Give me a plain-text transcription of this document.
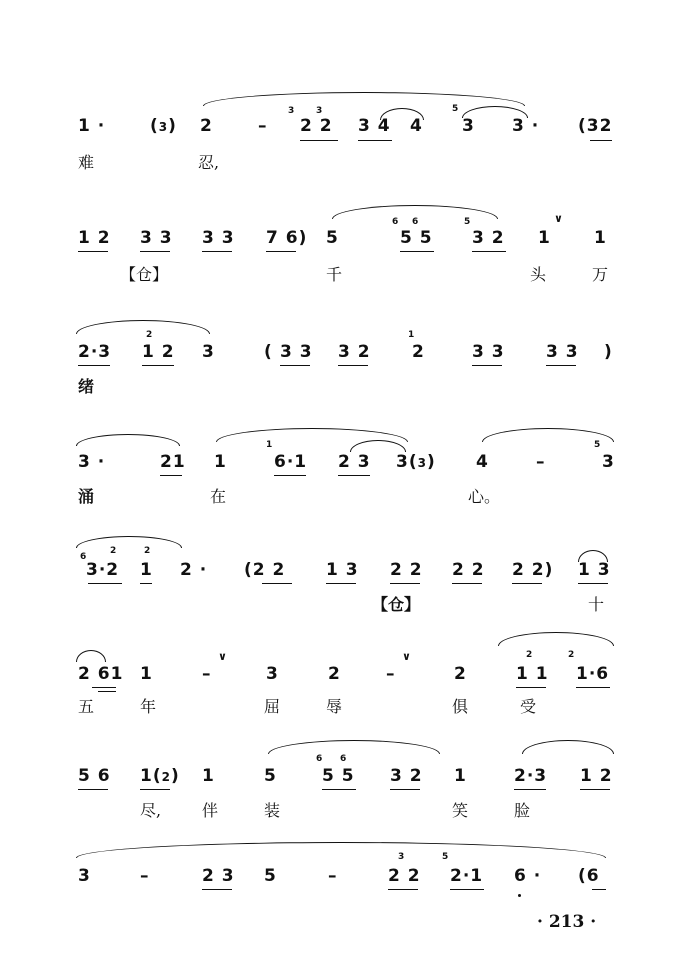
1 ·	(3) 2	–
3 3
2 2 3 4 4
5
3 3 · (32
难	忍,
1 2 3 3 3 3 7 6) 5
6 6
5 5
5
3 2 1
∨
1
【仓】	千	头	万
2·3
2
1 2 3	( 3 3 3 2
1
2	3 3 3 3 )
绪
3 ·	21 1
1
6·1 2 3 3(3) 4	–
5
3
涌	在	心。
6
2	2
3·2 1 2 · (2 2 1 3 2 2 2 2 2 2) 1 3
【仓】	十
2 61 1	–
∨
3	2	–
∨
2
2
1 1
2
1·6
五	年	屈	辱	俱	受
5 6 1(2) 1	5
6 6
5 5 3 2 1	2·3 1 2
尽,	伴	装	笑	脸
3	–	2 3 5	–
3
2 2
5
2·1 6 · (6
· 213 ·
